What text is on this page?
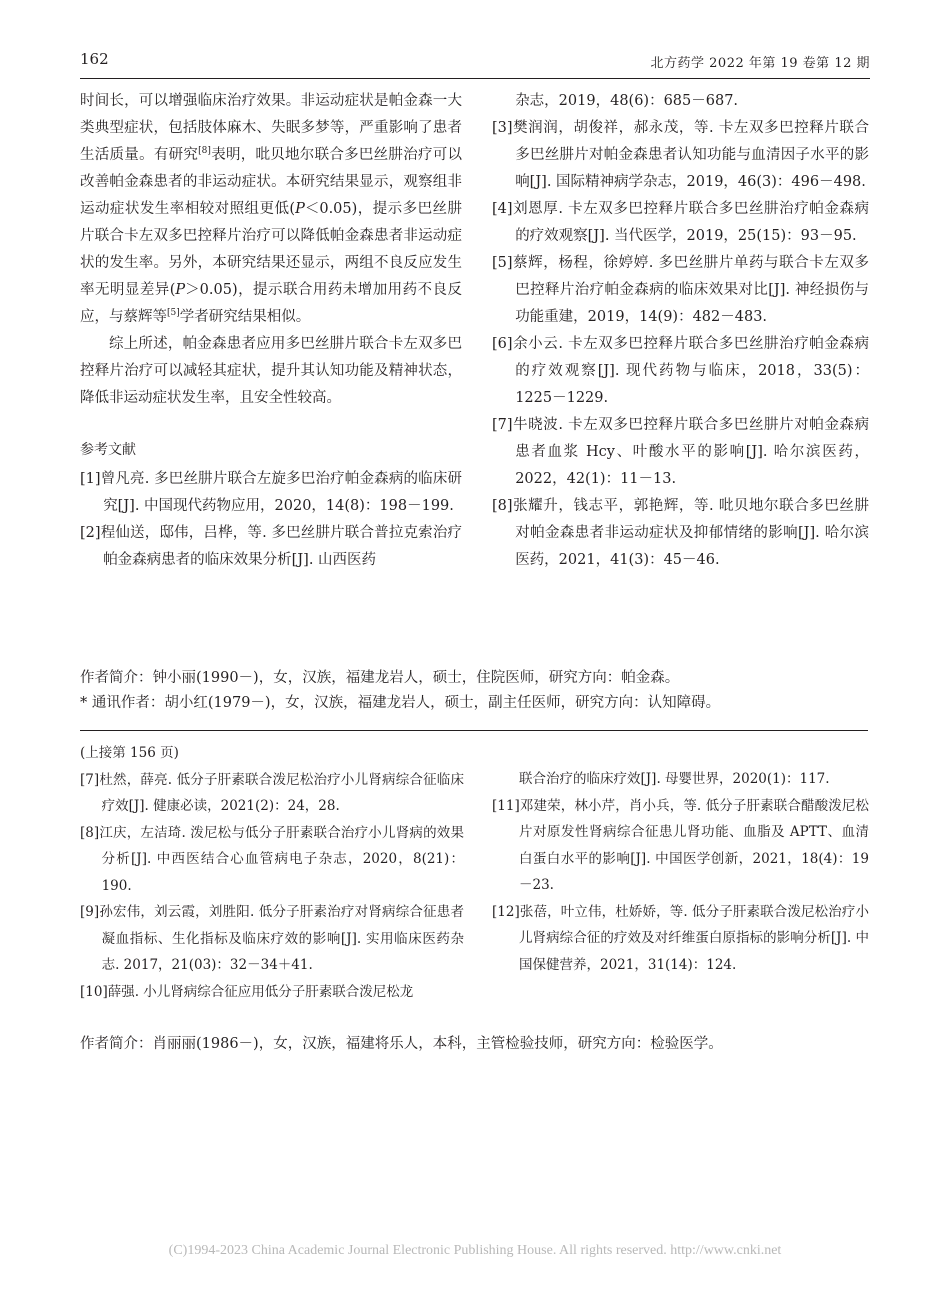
162	北方药学 2022 年第 19 卷第 12 期

时间长，可以增强临床治疗效果。非运动症状是帕金森一大类典型症状，包括肢体麻木、失眠多梦等，严重影响了患者生活质量。有研究[8]表明，吡贝地尔联合多巴丝肼治疗可以改善帕金森患者的非运动症状。本研究结果显示，观察组非运动症状发生率相较对照组更低(P＜0.05)，提示多巴丝肼片联合卡左双多巴控释片治疗可以降低帕金森患者非运动症状的发生率。另外，本研究结果还显示，两组不良反应发生率无明显差异(P＞0.05)，提示联合用药未增加用药不良反应，与蔡辉等[5]学者研究结果相似。

综上所述，帕金森患者应用多巴丝肼片联合卡左双多巴控释片治疗可以减轻其症状，提升其认知功能及精神状态，降低非运动症状发生率，且安全性较高。

参考文献

[1]曾凡亮. 多巴丝肼片联合左旋多巴治疗帕金森病的临床研究[J]. 中国现代药物应用，2020，14(8)：198－199.

[2]程仙送，邸伟，吕桦，等. 多巴丝肼片联合普拉克索治疗帕金森病患者的临床效果分析[J]. 山西医药

杂志，2019，48(6)：685－687.

[3]樊润润，胡俊祥，郝永茂，等. 卡左双多巴控释片联合多巴丝肼片对帕金森患者认知功能与血清因子水平的影响[J]. 国际精神病学杂志，2019，46(3)：496－498.

[4]刘恩厚. 卡左双多巴控释片联合多巴丝肼治疗帕金森病的疗效观察[J]. 当代医学，2019，25(15)：93－95.

[5]蔡辉，杨程，徐婷婷. 多巴丝肼片单药与联合卡左双多巴控释片治疗帕金森病的临床效果对比[J]. 神经损伤与功能重建，2019，14(9)：482－483.

[6]余小云. 卡左双多巴控释片联合多巴丝肼治疗帕金森病的疗效观察[J]. 现代药物与临床，2018，33(5)：1225－1229.

[7]牛晓波. 卡左双多巴控释片联合多巴丝肼片对帕金森病患者血浆 Hcy、叶酸水平的影响[J]. 哈尔滨医药，2022，42(1)：11－13.

[8]张耀升，钱志平，郭艳辉，等. 吡贝地尔联合多巴丝肼对帕金森患者非运动症状及抑郁情绪的影响[J]. 哈尔滨医药，2021，41(3)：45－46.

作者简介：钟小丽(1990－)，女，汉族，福建龙岩人，硕士，住院医师，研究方向：帕金森。
* 通讯作者：胡小红(1979－)，女，汉族，福建龙岩人，硕士，副主任医师，研究方向：认知障碍。
(上接第 156 页)

[7]杜然，薛亮. 低分子肝素联合泼尼松治疗小儿肾病综合征临床疗效[J]. 健康必读，2021(2)：24，28.

[8]江庆，左洁琦. 泼尼松与低分子肝素联合治疗小儿肾病的效果分析[J]. 中西医结合心血管病电子杂志，2020，8(21)：190.

[9]孙宏伟，刘云霞，刘胜阳. 低分子肝素治疗对肾病综合征患者凝血指标、生化指标及临床疗效的影响[J]. 实用临床医药杂志. 2017，21(03)：32－34＋41.

[10]薛强. 小儿肾病综合征应用低分子肝素联合泼尼松龙

联合治疗的临床疗效[J]. 母婴世界，2020(1)：117.

[11]邓建荣，林小芹，肖小兵，等. 低分子肝素联合醋酸泼尼松片对原发性肾病综合征患儿肾功能、血脂及 APTT、血清白蛋白水平的影响[J]. 中国医学创新，2021，18(4)：19－23.

[12]张蓓，叶立伟，杜娇娇，等. 低分子肝素联合泼尼松治疗小儿肾病综合征的疗效及对纤维蛋白原指标的影响分析[J]. 中国保健营养，2021，31(14)：124.

作者简介：肖丽丽(1986－)，女，汉族，福建将乐人，本科，主管检验技师，研究方向：检验医学。
(C)1994-2023 China Academic Journal Electronic Publishing House. All rights reserved. http://www.cnki.net
